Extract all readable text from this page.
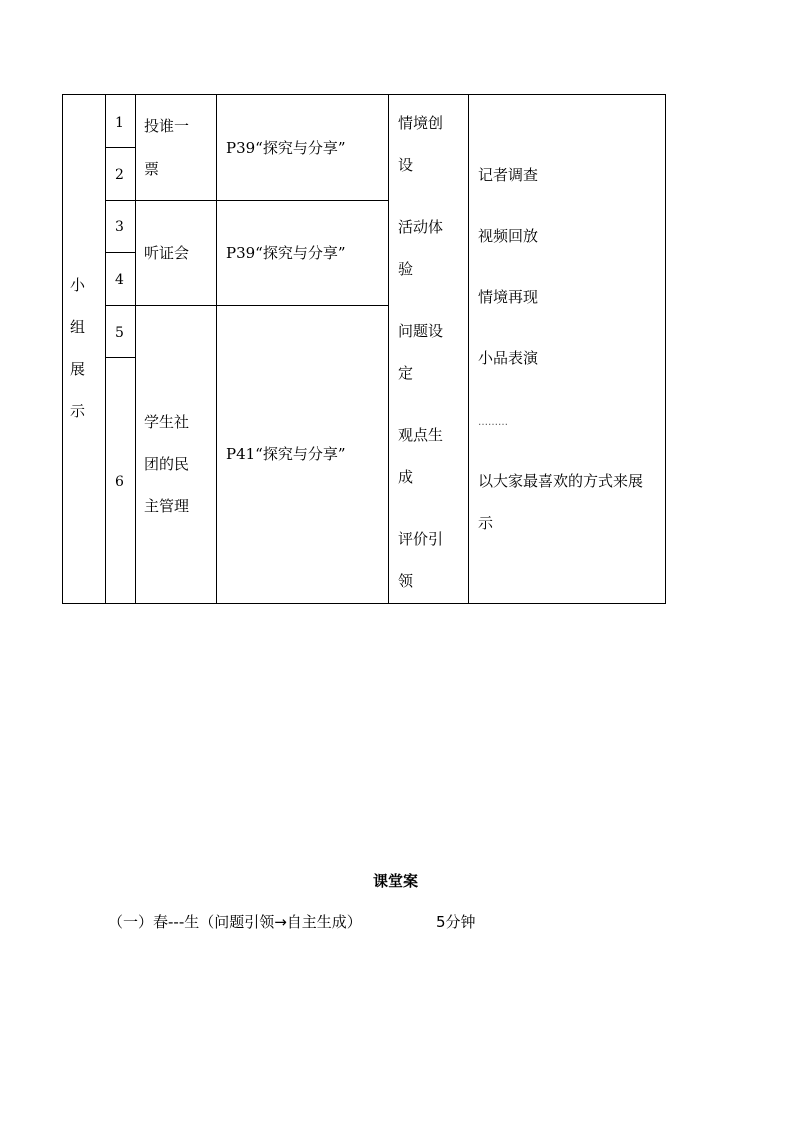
小
组
展
示
1
2
3
4
5
6
投谁一
票
听证会
学生社
团的民
主管理
P39“探究与分享”
P39“探究与分享”
P41“探究与分享”
情境创
设
活动体
验
问题设
定
观点生
成
评价引
领
记者调查
视频回放
情境再现
小品表演
………
以大家最喜欢的方式来展
示
课堂案
（一）春---生（问题引领→自主生成）	5分钟
